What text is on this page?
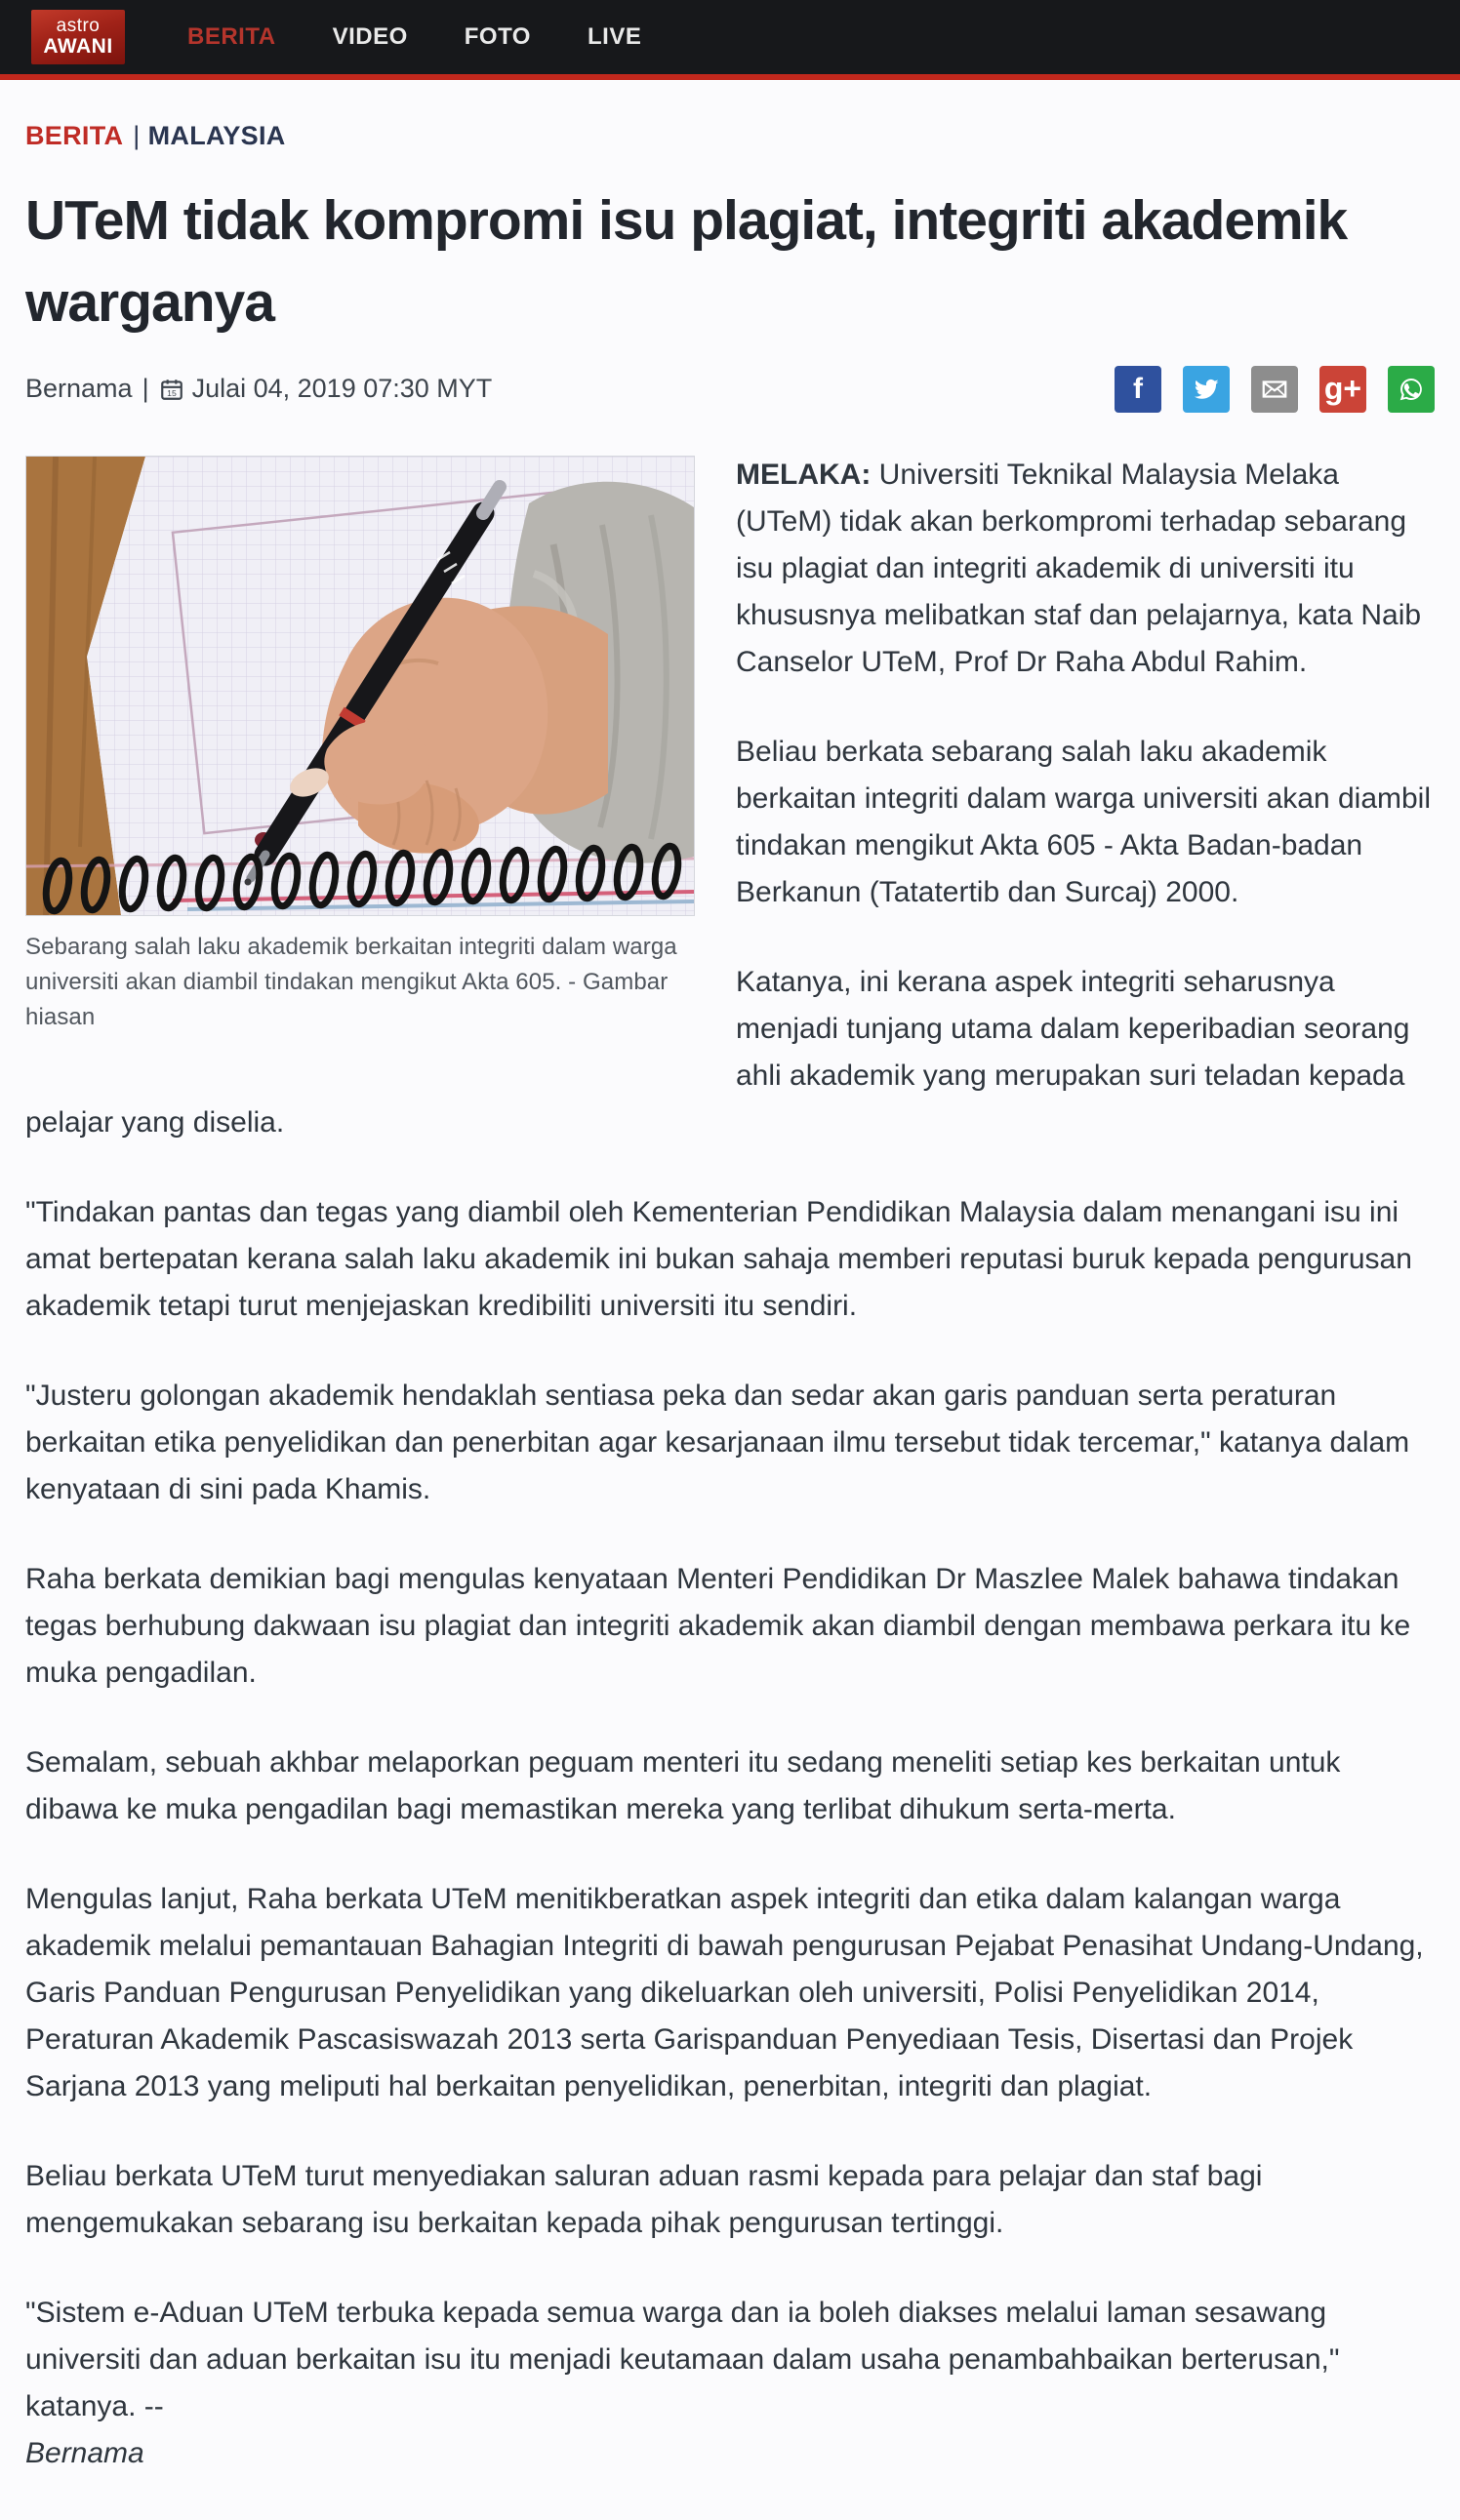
astro
AWANI	BERITA VIDEO FOTO LIVE
BERITA | MALAYSIA
UTeM tidak kompromi isu plagiat, integriti akademik warganya
Bernama | 15 Julai 04, 2019 07:30 MYT	f	g+
Sebarang salah laku akademik berkaitan integriti dalam warga universiti akan diambil tindakan mengikut Akta 605. - Gambar hiasan

MELAKA: Universiti Teknikal Malaysia Melaka (UTeM) tidak akan berkompromi terhadap sebarang isu plagiat dan integriti akademik di universiti itu khususnya melibatkan staf dan pelajarnya, kata Naib Canselor UTeM, Prof Dr Raha Abdul Rahim.

Beliau berkata sebarang salah laku akademik berkaitan integriti dalam warga universiti akan diambil tindakan mengikut Akta 605 - Akta Badan-badan Berkanun (Tatatertib dan Surcaj) 2000.

Katanya, ini kerana aspek integriti seharusnya menjadi tunjang utama dalam keperibadian seorang ahli akademik yang merupakan suri teladan kepada pelajar yang diselia.

"Tindakan pantas dan tegas yang diambil oleh Kementerian Pendidikan Malaysia dalam menangani isu ini amat bertepatan kerana salah laku akademik ini bukan sahaja memberi reputasi buruk kepada pengurusan akademik tetapi turut menjejaskan kredibiliti universiti itu sendiri.

"Justeru golongan akademik hendaklah sentiasa peka dan sedar akan garis panduan serta peraturan berkaitan etika penyelidikan dan penerbitan agar kesarjanaan ilmu tersebut tidak tercemar," katanya dalam kenyataan di sini pada Khamis.

Raha berkata demikian bagi mengulas kenyataan Menteri Pendidikan Dr Maszlee Malek bahawa tindakan tegas berhubung dakwaan isu plagiat dan integriti akademik akan diambil dengan membawa perkara itu ke muka pengadilan.

Semalam, sebuah akhbar melaporkan peguam menteri itu sedang meneliti setiap kes berkaitan untuk dibawa ke muka pengadilan bagi memastikan mereka yang terlibat dihukum serta-merta.

Mengulas lanjut, Raha berkata UTeM menitikberatkan aspek integriti dan etika dalam kalangan warga akademik melalui pemantauan Bahagian Integriti di bawah pengurusan Pejabat Penasihat Undang-Undang, Garis Panduan Pengurusan Penyelidikan yang dikeluarkan oleh universiti, Polisi Penyelidikan 2014, Peraturan Akademik Pascasiswazah 2013 serta Garispanduan Penyediaan Tesis, Disertasi dan Projek Sarjana 2013 yang meliputi hal berkaitan penyelidikan, penerbitan, integriti dan plagiat.

Beliau berkata UTeM turut menyediakan saluran aduan rasmi kepada para pelajar dan staf bagi mengemukakan sebarang isu berkaitan kepada pihak pengurusan tertinggi.

"Sistem e-Aduan UTeM terbuka kepada semua warga dan ia boleh diakses melalui laman sesawang universiti dan aduan berkaitan isu itu menjadi keutamaan dalam usaha penambahbaikan berterusan," katanya. --
Bernama
